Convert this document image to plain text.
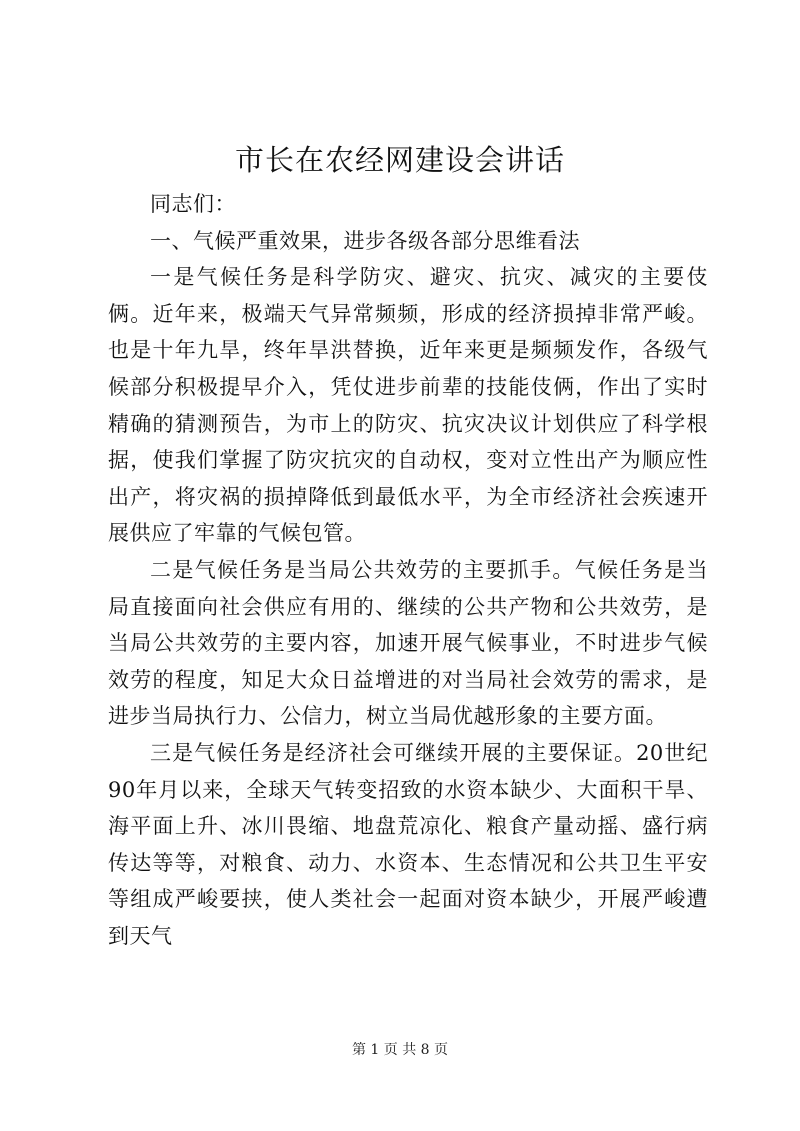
市长在农经网建设会讲话

同志们：

一、气候严重效果，进步各级各部分思维看法

一是气候任务是科学防灾、避灾、抗灾、减灾的主要伎俩。近年来，极端天气异常频频，形成的经济损掉非常严峻。也是十年九旱，终年旱洪替换，近年来更是频频发作，各级气候部分积极提早介入，凭仗进步前辈的技能伎俩，作出了实时精确的猜测预告，为市上的防灾、抗灾决议计划供应了科学根据，使我们掌握了防灾抗灾的自动权，变对立性出产为顺应性出产，将灾祸的损掉降低到最低水平，为全市经济社会疾速开展供应了牢靠的气候包管。

二是气候任务是当局公共效劳的主要抓手。气候任务是当局直接面向社会供应有用的、继续的公共产物和公共效劳，是当局公共效劳的主要内容，加速开展气候事业，不时进步气候效劳的程度，知足大众日益增进的对当局社会效劳的需求，是进步当局执行力、公信力，树立当局优越形象的主要方面。

三是气候任务是经济社会可继续开展的主要保证。20世纪90年月以来，全球天气转变招致的水资本缺少、大面积干旱、海平面上升、冰川畏缩、地盘荒凉化、粮食产量动摇、盛行病传达等等，对粮食、动力、水资本、生态情况和公共卫生平安等组成严峻要挟，使人类社会一起面对资本缺少，开展严峻遭到天气

第 1 页 共 8 页
